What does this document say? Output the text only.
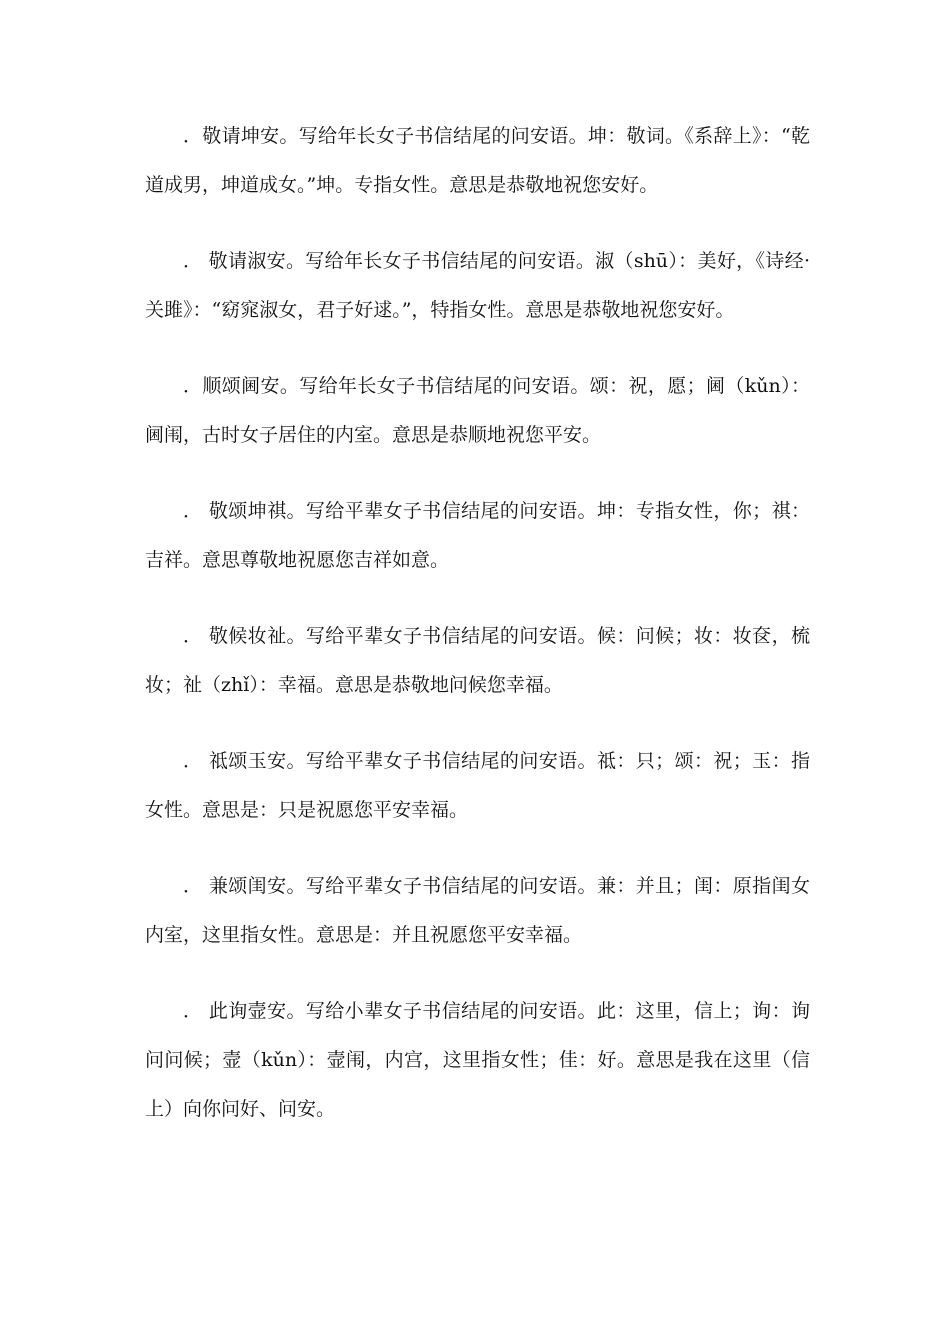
．敬请坤安。写给年长女子书信结尾的问安语。坤：敬词。《系辞上》：“乾道成男，坤道成女。”坤。专指女性。意思是恭敬地祝您安好。

． 敬请淑安。写给年长女子书信结尾的问安语。淑（shū）：美好，《诗经·关雎》：“窈窕淑女，君子好逑。”，特指女性。意思是恭敬地祝您安好。

．顺颂阃安。写给年长女子书信结尾的问安语。颂：祝，愿；阃（kǔn）：阃闱，古时女子居住的内室。意思是恭顺地祝您平安。

． 敬颂坤祺。写给平辈女子书信结尾的问安语。坤：专指女性，你；祺：吉祥。意思尊敬地祝愿您吉祥如意。

． 敬候妆祉。写给平辈女子书信结尾的问安语。候：问候；妆：妆奁，梳妆；祉（zhǐ）：幸福。意思是恭敬地问候您幸福。

． 祗颂玉安。写给平辈女子书信结尾的问安语。祗：只；颂：祝；玉：指女性。意思是：只是祝愿您平安幸福。

． 兼颂闺安。写给平辈女子书信结尾的问安语。兼：并且；闺：原指闺女内室，这里指女性。意思是：并且祝愿您平安幸福。

． 此询壸安。写给小辈女子书信结尾的问安语。此：这里，信上；询：询问问候；壸（kǔn）：壸闱，内宫，这里指女性；佳：好。意思是我在这里（信上）向你问好、问安。
